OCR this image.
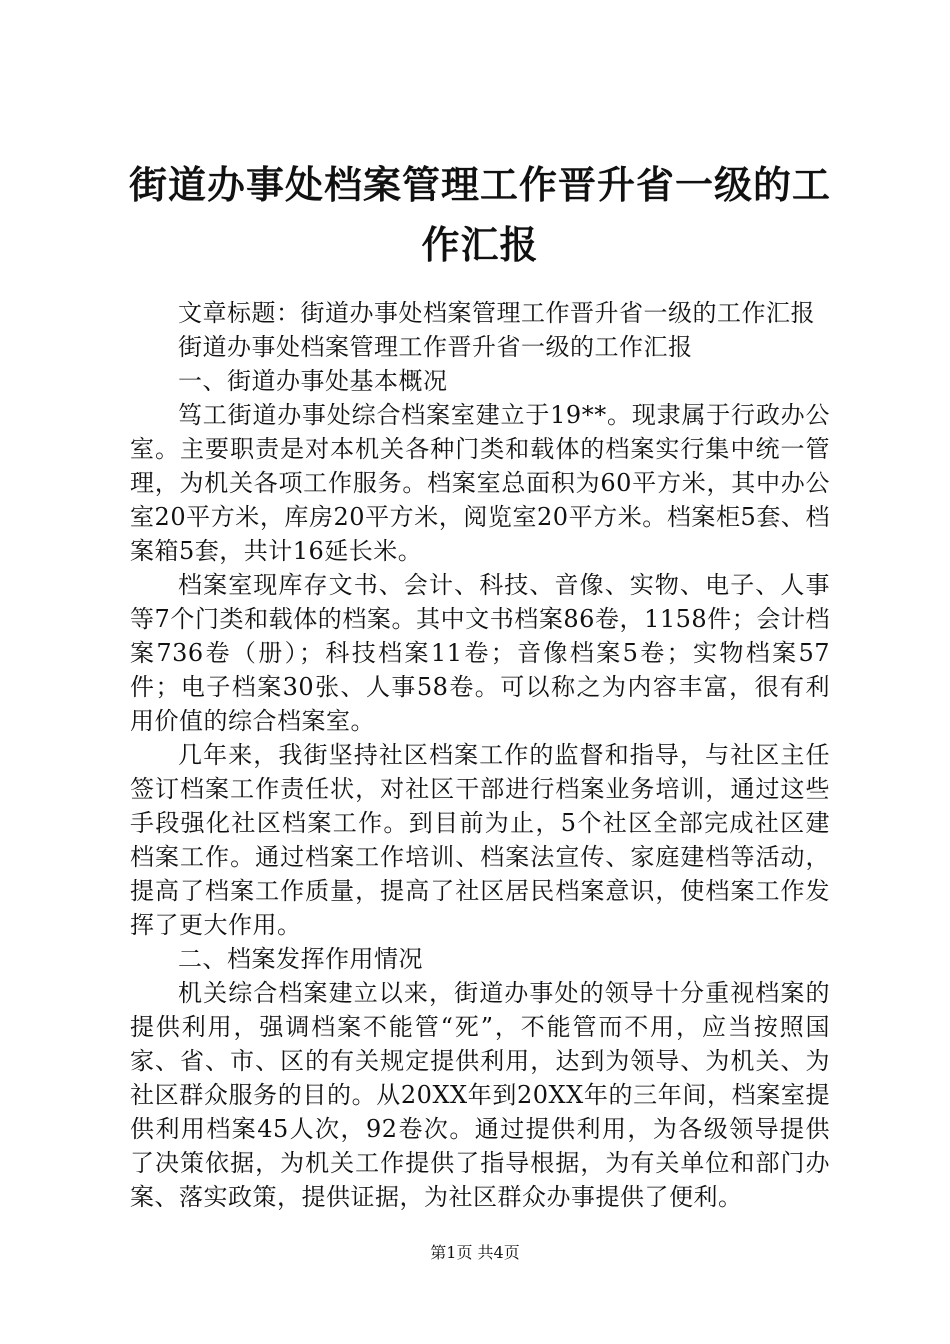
街道办事处档案管理工作晋升省一级的工作汇报

文章标题：街道办事处档案管理工作晋升省一级的工作汇报

街道办事处档案管理工作晋升省一级的工作汇报

一、街道办事处基本概况

笃工街道办事处综合档案室建立于19**。现隶属于行政办公室。主要职责是对本机关各种门类和载体的档案实行集中统一管理，为机关各项工作服务。档案室总面积为60平方米，其中办公室20平方米，库房20平方米，阅览室20平方米。档案柜5套、档案箱5套，共计16延长米。

档案室现库存文书、会计、科技、音像、实物、电子、人事等7个门类和载体的档案。其中文书档案86卷，1158件；会计档案736卷（册）；科技档案11卷；音像档案5卷；实物档案57件；电子档案30张、人事58卷。可以称之为内容丰富，很有利用价值的综合档案室。

几年来，我街坚持社区档案工作的监督和指导，与社区主任签订档案工作责任状，对社区干部进行档案业务培训，通过这些手段强化社区档案工作。到目前为止，5个社区全部完成社区建档案工作。通过档案工作培训、档案法宣传、家庭建档等活动，提高了档案工作质量，提高了社区居民档案意识，使档案工作发挥了更大作用。

二、档案发挥作用情况

机关综合档案建立以来，街道办事处的领导十分重视档案的提供利用，强调档案不能管“死”，不能管而不用，应当按照国家、省、市、区的有关规定提供利用，达到为领导、为机关、为社区群众服务的目的。从20XX年到20XX年的三年间，档案室提供利用档案45人次，92卷次。通过提供利用，为各级领导提供了决策依据，为机关工作提供了指导根据，为有关单位和部门办案、落实政策，提供证据，为社区群众办事提供了便利。

第1页 共4页
